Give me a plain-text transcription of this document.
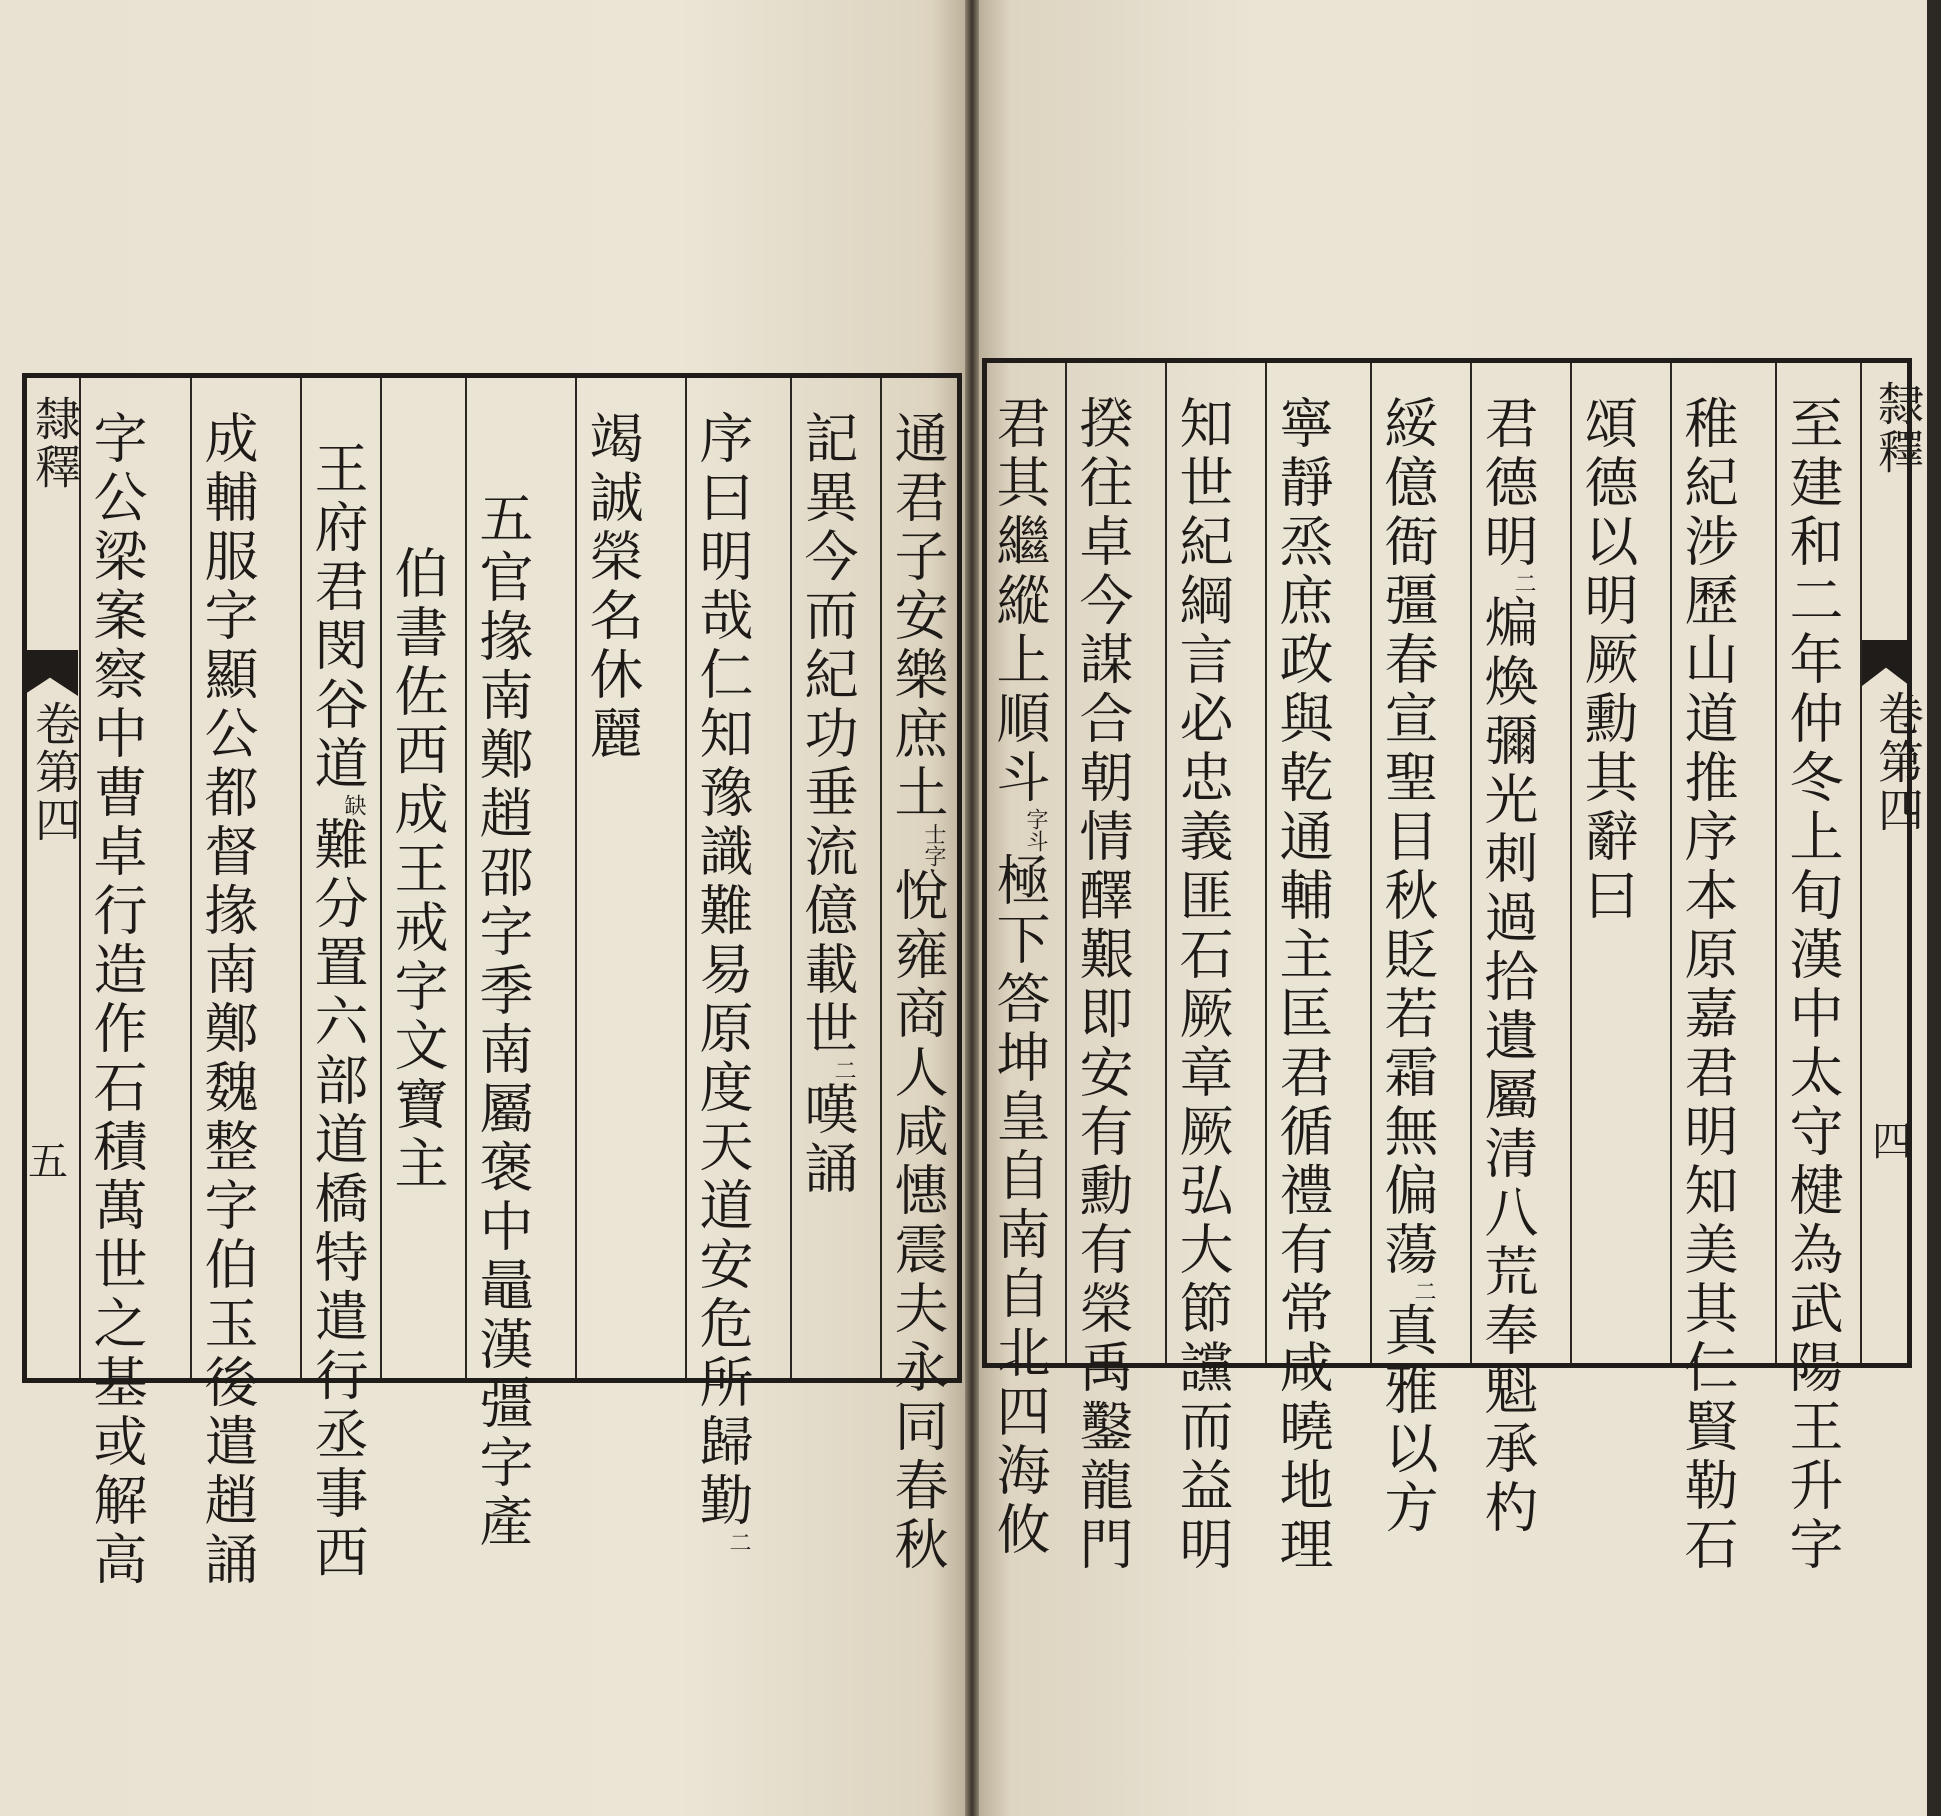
隸釋
卷第四
五
通君子安樂庶土$^{士字}$悅雍商人咸憓震夫永同春秋
記異今而紀功垂流億載世$^二$嘆誦
序曰明哉仁知豫識難易原度天道安危所歸勤$^二$
竭誠榮名休麗
五官掾南鄭趙邵字季南屬褒中鼂漢彊字產
伯書佐西成王戒字文寶主
王府君閔谷道$^缺$難分置六部道橋特遣行丞事西
成輔服字顯公都督掾南鄭魏整字伯玉後遣趙誦
字公梁案察中曹卓行造作石積萬世之基或解高	隸釋
卷第四
四
至建和二年仲冬上旬漢中太守楗為武陽王升字
稚紀涉歷山道推序本原嘉君明知美其仁賢勒石
頌德以明厥勳其辭曰
君德明$^二$煸煥彌光刺過拾遺屬清八荒奉魁承杓
綏億衙彊春宣聖目秋貶若霜無偏蕩$^二$真雅以方
寧靜烝庶政與乾通輔主匡君循禮有常咸曉地理
知世紀綱言必忠義匪石厥章厥弘大節讜而益明
揆往卓今謀合朝情醳艱即安有勳有榮禹鑿龍門
君其繼縱上順斗$^{字斗}$極下答坤皇自南自北四海攸
